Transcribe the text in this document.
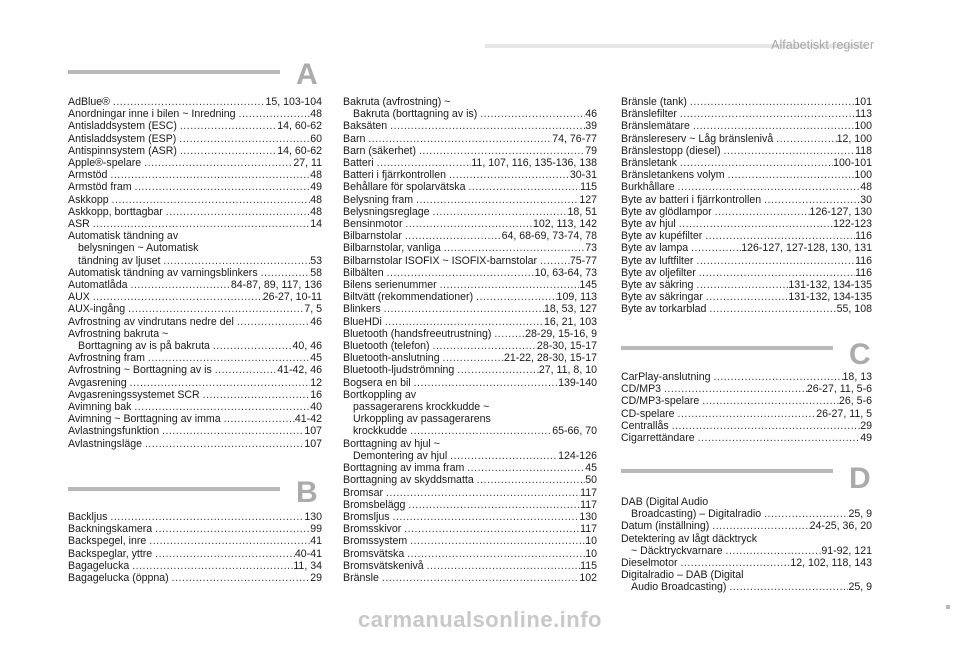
Alfabetiskt register
A
AdBlue® .....	15, 103-104
Anordningar inne i bilen ~ Inredning .....	48
Antisladdsystem (ESC) .....	14, 60-62
Antisladdsystem (ESP) .....	60
Antispinnsystem (ASR) .....	14, 60-62
Apple®-spelare .....	27, 11
Armstöd .....	48
Armstöd fram .....	49
Askkopp .....	48
Askkopp, borttagbar .....	48
ASR .....	14
Automatisk tändning av
belysningen ~ Automatisk
tändning av ljuset .....	53
Automatisk tändning av varningsblinkers .....	58
Automatlåda .....	84-87, 89, 117, 136
AUX .....	26-27, 10-11
AUX-ingång .....	7, 5
Avfrostning av vindrutans nedre del .....	46
Avfrostning bakruta ~
Borttagning av is på bakruta .....	40, 46
Avfrostning fram .....	45
Avfrostning ~ Borttagning av is .....	41-42, 46
Avgasrening .....	12
Avgasreningssystemet SCR .....	16
Avimning bak .....	40
Avimning ~ Borttagning av imma .....	41-42
Avlastningsfunktion .....	107
Avlastningsläge .....	107
B
Backljus .....	130
Backningskamera .....	99
Backspegel, inre .....	41
Backspeglar, yttre .....	40-41
Bagagelucka .....	11, 34
Bagagelucka (öppna) .....	29
Bakruta (avfrostning) ~
Bakruta (borttagning av is) .....	46
Baksäten .....	39
Barn .....	74, 76-77
Barn (säkerhet) .....	79
Batteri .....	11, 107, 116, 135-136, 138
Batteri i fjärrkontrollen .....	30-31
Behållare för spolarvätska .....	115
Belysning fram .....	127
Belysningsreglage .....	18, 51
Bensinmotor .....	102, 113, 142
Bilbarnstolar .....	64, 68-69, 73-74, 78
Bilbarnstolar, vanliga .....	73
Bilbarnstolar ISOFIX ~ ISOFIX-barnstolar .....	75-77
Bilbälten .....	10, 63-64, 73
Bilens serienummer .....	145
Biltvätt (rekommendationer) .....	109, 113
Blinkers .....	18, 53, 127
BlueHDi .....	16, 21, 103
Bluetooth (handsfreeutrustning) .....	28-29, 15-16, 9
Bluetooth (telefon) .....	28-30, 15-17
Bluetooth-anslutning .....	21-22, 28-30, 15-17
Bluetooth-ljudströmning .....	27, 11, 8, 10
Bogsera en bil .....	139-140
Bortkoppling av
passagerarens krockkudde ~
Urkoppling av passagerarens
krockkudde .....	65-66, 70
Borttagning av hjul ~
Demontering av hjul .....	124-126
Borttagning av imma fram .....	45
Borttagning av skyddsmatta .....	50
Bromsar .....	117
Bromsbelägg .....	117
Bromsljus .....	130
Bromsskivor .....	117
Bromssystem .....	10
Bromsvätska .....	10
Bromsvätskenivå .....	115
Bränsle .....	102
Bränsle (tank) .....	101
Bränslefilter .....	113
Bränslemätare .....	100
Bränslereserv ~ Låg bränslenivå .....	12, 100
Bränslestopp (diesel) .....	118
Bränsletank .....	100-101
Bränsletankens volym .....	100
Burkhållare .....	48
Byte av batteri i fjärrkontrollen .....	30
Byte av glödlampor .....	126-127, 130
Byte av hjul .....	122-123
Byte av kupéfilter .....	116
Byte av lampa .....	126-127, 127-128, 130, 131
Byte av luftfilter .....	116
Byte av oljefilter .....	116
Byte av säkring .....	131-132, 134-135
Byte av säkringar .....	131-132, 134-135
Byte av torkarblad .....	55, 108
C
CarPlay-anslutning .....	18, 13
CD/MP3 .....	26-27, 11, 5-6
CD/MP3-spelare .....	26, 5-6
CD-spelare .....	26-27, 11, 5
Centrallås .....	29
Cigarrettändare .....	49
D
DAB (Digital Audio
Broadcasting) – Digitalradio .....	25, 9
Datum (inställning) .....	24-25, 36, 20
Detektering av lågt däcktryck
~ Däcktryckvarnare .....	91-92, 121
Dieselmotor .....	12, 102, 118, 143
Digitalradio – DAB (Digital
Audio Broadcasting) .....	25, 9
carmanualsonline.info
